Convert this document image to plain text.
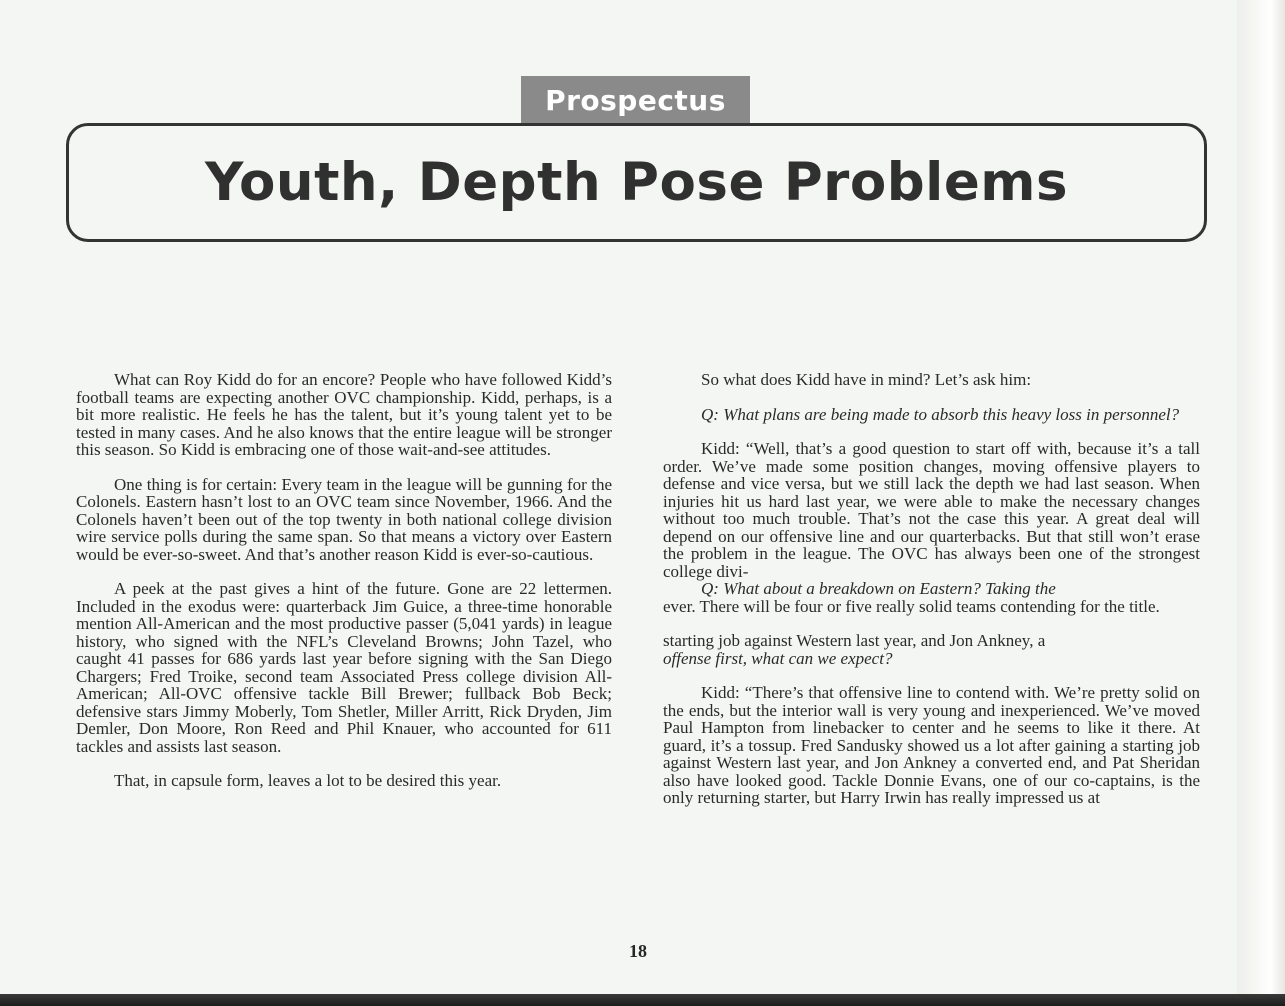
Prospectus
Youth, Depth Pose Problems

What can Roy Kidd do for an encore? People who have followed Kidd’s football teams are expecting another OVC championship. Kidd, perhaps, is a bit more realistic. He feels he has the talent, but it’s young talent yet to be tested in many cases. And he also knows that the entire league will be stronger this season. So Kidd is embracing one of those wait-and-see attitudes.

One thing is for certain: Every team in the league will be gunning for the Colonels. Eastern hasn’t lost to an OVC team since November, 1966. And the Colonels haven’t been out of the top twenty in both national college division wire service polls during the same span. So that means a victory over Eastern would be ever-so-sweet. And that’s another reason Kidd is ever-so-cautious.

A peek at the past gives a hint of the future. Gone are 22 lettermen. Included in the exodus were: quarterback Jim Guice, a three-time honorable mention All-American and the most productive passer (5,041 yards) in league history, who signed with the NFL’s Cleveland Browns; John Tazel, who caught 41 passes for 686 yards last year before signing with the San Diego Chargers; Fred Troike, second team Associated Press college division All-American; All-OVC offensive tackle Bill Brewer; fullback Bob Beck; defensive stars Jimmy Moberly, Tom Shetler, Miller Arritt, Rick Dryden, Jim Demler, Don Moore, Ron Reed and Phil Knauer, who accounted for 611 tackles and assists last season.

That, in capsule form, leaves a lot to be desired this year.

So what does Kidd have in mind? Let’s ask him:

Q: What plans are being made to absorb this heavy loss in personnel?

Kidd: “Well, that’s a good question to start off with, because it’s a tall order. We’ve made some position changes, moving offensive players to defense and vice versa, but we still lack the depth we had last season. When injuries hit us hard last year, we were able to make the necessary changes without too much trouble. That’s not the case this year. A great deal will depend on our offensive line and our quarterbacks. But that still won’t erase the problem in the league. The OVC has always been one of the strongest college divi-

Q: What about a breakdown on Eastern? Taking the

ever. There will be four or five really solid teams contending for the title.

starting job against Western last year, and Jon Ankney, a

offense first, what can we expect?

Kidd: “There’s that offensive line to contend with. We’re pretty solid on the ends, but the interior wall is very young and inexperienced. We’ve moved Paul Hampton from linebacker to center and he seems to like it there. At guard, it’s a tossup. Fred Sandusky showed us a lot after gaining a starting job against Western last year, and Jon Ankney a converted end, and Pat Sheridan also have looked good. Tackle Donnie Evans, one of our co-captains, is the only returning starter, but Harry Irwin has really impressed us at

18
